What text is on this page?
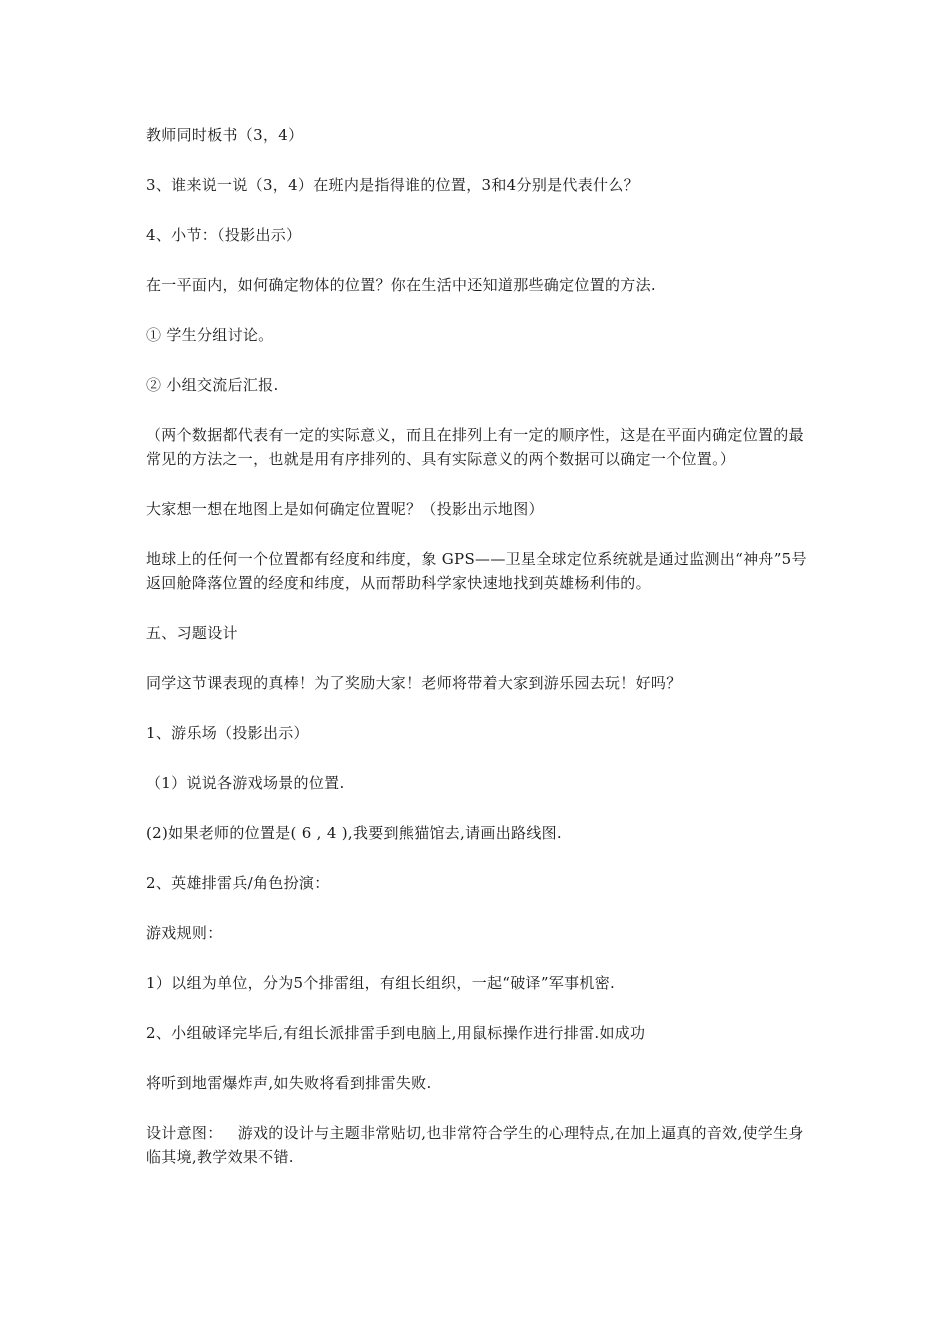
教师同时板书（3，4）

3、谁来说一说（3，4）在班内是指得谁的位置，3和4分别是代表什么？

4、小节：（投影出示）

在一平面内，如何确定物体的位置？你在生活中还知道那些确定位置的方法.

① 学生分组讨论。

② 小组交流后汇报.

（两个数据都代表有一定的实际意义，而且在排列上有一定的顺序性，这是在平面内确定位置的最常见的方法之一，也就是用有序排列的、具有实际意义的两个数据可以确定一个位置。）

大家想一想在地图上是如何确定位置呢？（投影出示地图）

地球上的任何一个位置都有经度和纬度，象 GPS——卫星全球定位系统就是通过监测出“神舟”5号返回舱降落位置的经度和纬度，从而帮助科学家快速地找到英雄杨利伟的。

五、习题设计

同学这节课表现的真棒！为了奖励大家！老师将带着大家到游乐园去玩！好吗？

1、游乐场（投影出示）

（1）说说各游戏场景的位置.

(2)如果老师的位置是( 6 , 4 ),我要到熊猫馆去,请画出路线图.

2、英雄排雷兵/角色扮演：

游戏规则：

1）以组为单位，分为5个排雷组，有组长组织，一起“破译”军事机密.

2、小组破译完毕后,有组长派排雷手到电脑上,用鼠标操作进行排雷.如成功

将听到地雷爆炸声,如失败将看到排雷失败.

设计意图：   游戏的设计与主题非常贴切,也非常符合学生的心理特点,在加上逼真的音效,使学生身临其境,教学效果不错.
